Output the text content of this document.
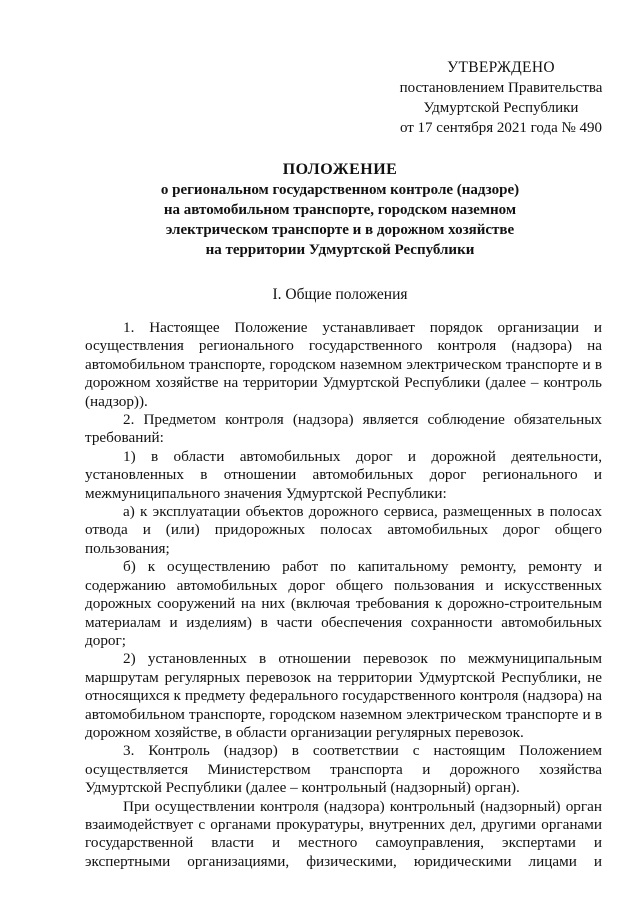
УТВЕРЖДЕНО
постановлением Правительства
Удмуртской Республики
от 17 сентября 2021 года № 490
ПОЛОЖЕНИЕ
о региональном государственном контроле (надзоре)
на автомобильном транспорте, городском наземном
электрическом транспорте и в дорожном хозяйстве
на территории Удмуртской Республики
I. Общие положения

1. Настоящее Положение устанавливает порядок организации и осуществления регионального государственного контроля (надзора) на автомобильном транспорте, городском наземном электрическом транспорте и в дорожном хозяйстве на территории Удмуртской Республики (далее – контроль (надзор)).

2. Предметом контроля (надзора) является соблюдение обязательных требований:

1) в области автомобильных дорог и дорожной деятельности, установленных в отношении автомобильных дорог регионального и межмуниципального значения Удмуртской Республики:

а) к эксплуатации объектов дорожного сервиса, размещенных в полосах отвода и (или) придорожных полосах автомобильных дорог общего пользования;

б) к осуществлению работ по капитальному ремонту, ремонту и содержанию автомобильных дорог общего пользования и искусственных дорожных сооружений на них (включая требования к дорожно-строительным материалам и изделиям) в части обеспечения сохранности автомобильных дорог;

2) установленных в отношении перевозок по межмуниципальным маршрутам регулярных перевозок на территории Удмуртской Республики, не относящихся к предмету федерального государственного контроля (надзора) на автомобильном транспорте, городском наземном электрическом транспорте и в дорожном хозяйстве, в области организации регулярных перевозок.

3. Контроль (надзор) в соответствии с настоящим Положением осуществляется Министерством транспорта и дорожного хозяйства Удмуртской Республики (далее – контрольный (надзорный) орган).

При осуществлении контроля (надзора) контрольный (надзорный) орган взаимодействует с органами прокуратуры, внутренних дел, другими органами государственной власти и местного самоуправления, экспертами и экспертными организациями, физическими, юридическими лицами и
